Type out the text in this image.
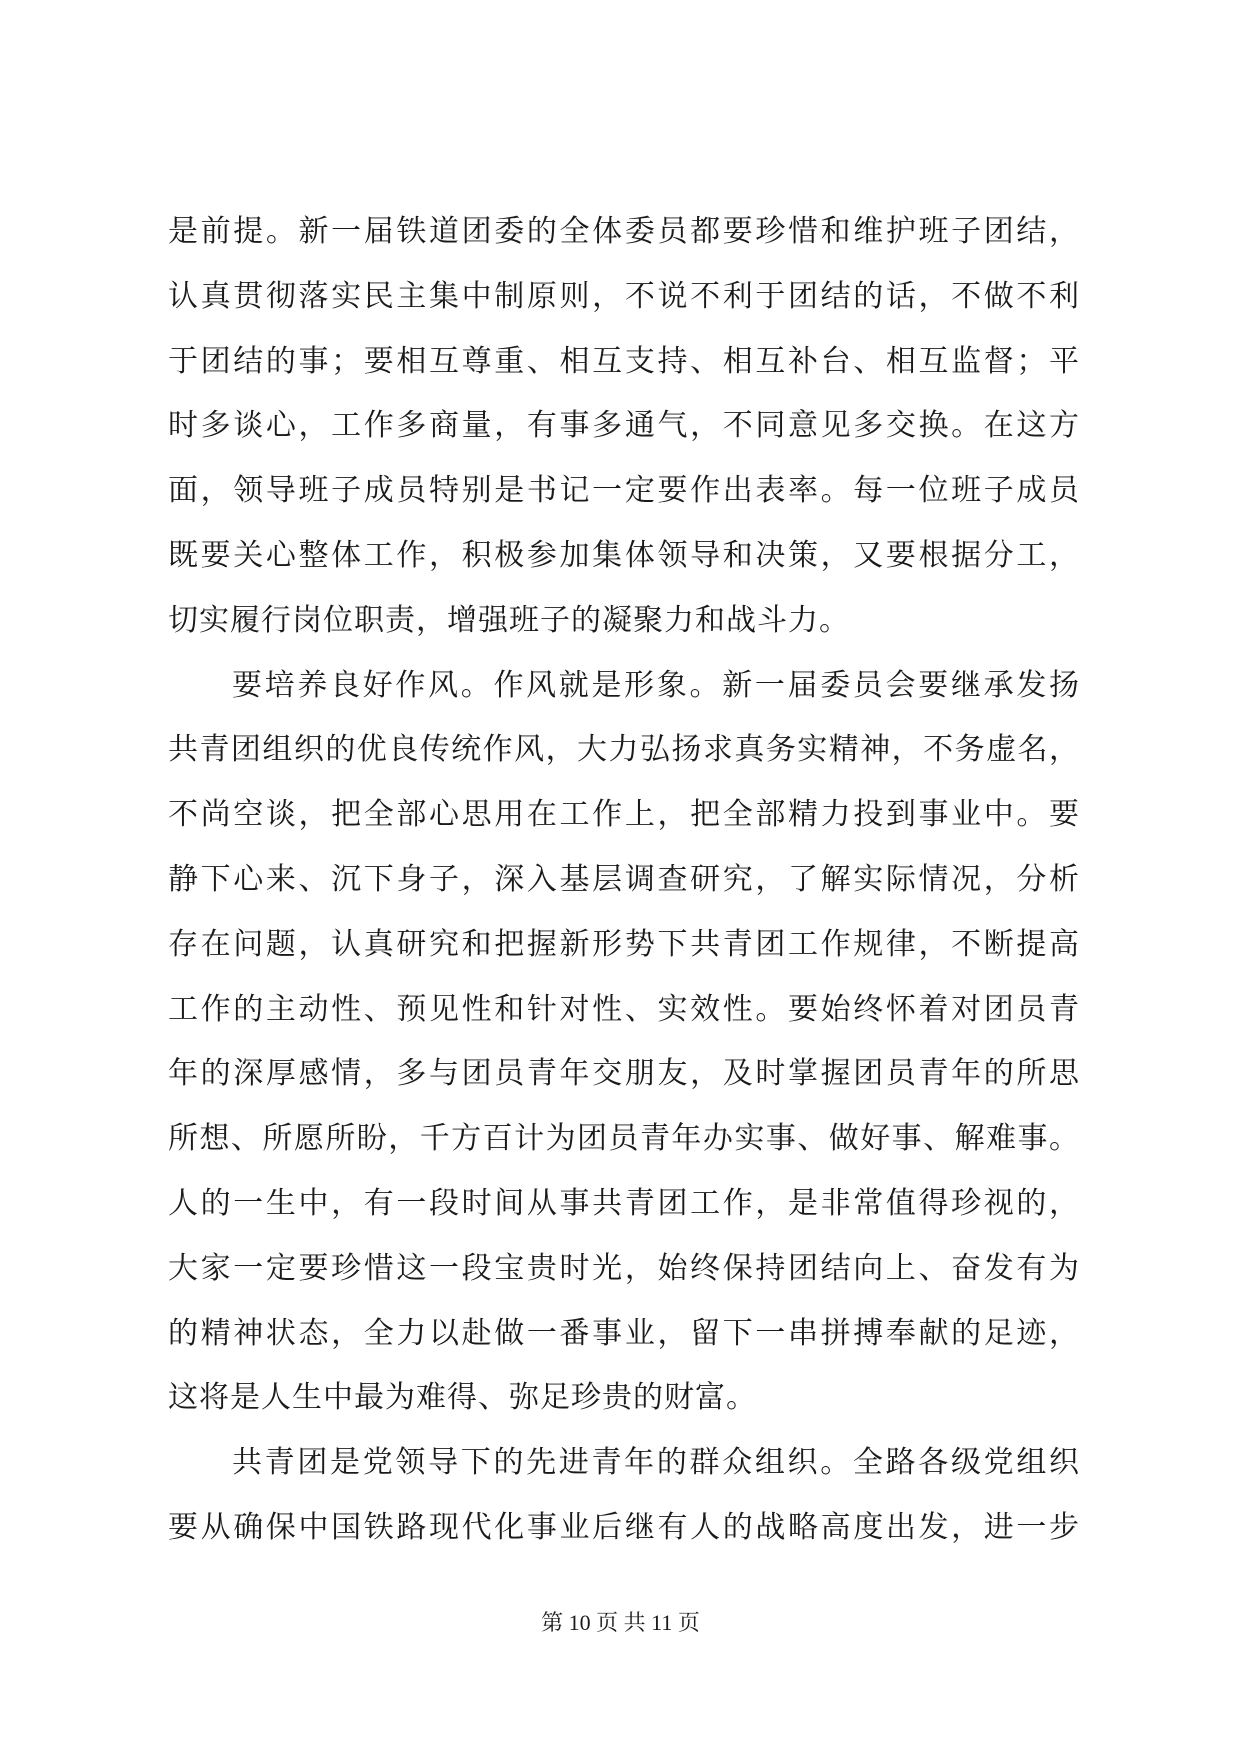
是前提。新一届铁道团委的全体委员都要珍惜和维护班子团结，
认真贯彻落实民主集中制原则，不说不利于团结的话，不做不利
于团结的事；要相互尊重、相互支持、相互补台、相互监督；平
时多谈心，工作多商量，有事多通气，不同意见多交换。在这方
面，领导班子成员特别是书记一定要作出表率。每一位班子成员
既要关心整体工作，积极参加集体领导和决策，又要根据分工，
切实履行岗位职责，增强班子的凝聚力和战斗力。
要培养良好作风。作风就是形象。新一届委员会要继承发扬
共青团组织的优良传统作风，大力弘扬求真务实精神，不务虚名，
不尚空谈，把全部心思用在工作上，把全部精力投到事业中。要
静下心来、沉下身子，深入基层调查研究，了解实际情况，分析
存在问题，认真研究和把握新形势下共青团工作规律，不断提高
工作的主动性、预见性和针对性、实效性。要始终怀着对团员青
年的深厚感情，多与团员青年交朋友，及时掌握团员青年的所思
所想、所愿所盼，千方百计为团员青年办实事、做好事、解难事。
人的一生中，有一段时间从事共青团工作，是非常值得珍视的，
大家一定要珍惜这一段宝贵时光，始终保持团结向上、奋发有为
的精神状态，全力以赴做一番事业，留下一串拼搏奉献的足迹，
这将是人生中最为难得、弥足珍贵的财富。
共青团是党领导下的先进青年的群众组织。全路各级党组织
要从确保中国铁路现代化事业后继有人的战略高度出发，进一步
第 10 页 共 11 页
